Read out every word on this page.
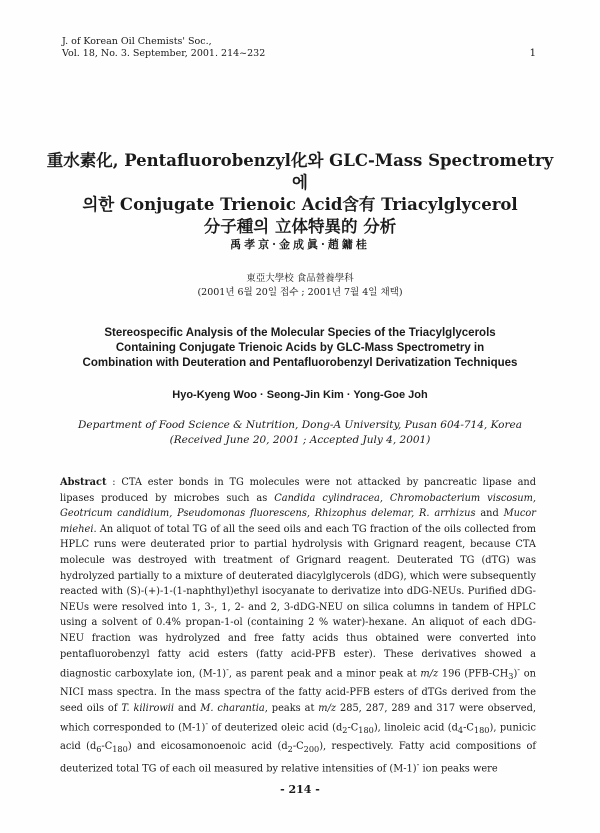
J. of Korean Oil Chemists' Soc.,
Vol. 18, No. 3. September, 2001. 214~232	1
重水素化, Pentafluorobenzyl化와 GLC-Mass Spectrometry에
의한 Conjugate Trienoic Acid含有 Triacylglycerol
分子種의 立体特異的 分析
禹孝京·金成眞·趙鏞桂
東亞大學校 食品營養學科
(2001년 6월 20일 접수 ; 2001년 7월 4일 채택)
Stereospecific Analysis of the Molecular Species of the Triacylglycerols
Containing Conjugate Trienoic Acids by GLC-Mass Spectrometry in
Combination with Deuteration and Pentafluorobenzyl Derivatization Techniques
Hyo-Kyeng Woo · Seong-Jin Kim · Yong-Goe Joh
Department of Food Science & Nutrition, Dong-A University, Pusan 604-714, Korea
(Received June 20, 2001 ; Accepted July 4, 2001)
Abstract : CTA ester bonds in TG molecules were not attacked by pancreatic lipase and lipases produced by microbes such as Candida cylindracea, Chromobacterium viscosum, Geotricum candidium, Pseudomonas fluorescens, Rhizophus delemar, R. arrhizus and Mucor miehei. An aliquot of total TG of all the seed oils and each TG fraction of the oils collected from HPLC runs were deuterated prior to partial hydrolysis with Grignard reagent, because CTA molecule was destroyed with treatment of Grignard reagent. Deuterated TG (dTG) was hydrolyzed partially to a mixture of deuterated diacylglycerols (dDG), which were subsequently reacted with (S)-(+)-1-(1-naphthyl)ethyl isocyanate to derivatize into dDG-NEUs. Purified dDG-NEUs were resolved into 1, 3-, 1, 2- and 2, 3-dDG-NEU on silica columns in tandem of HPLC using a solvent of 0.4% propan-1-ol (containing 2 % water)-hexane. An aliquot of each dDG-NEU fraction was hydrolyzed and free fatty acids thus obtained were converted into pentafluorobenzyl fatty acid esters (fatty acid-PFB ester). These derivatives showed a diagnostic carboxylate ion, (M-1)-, as parent peak and a minor peak at m/z 196 $(PFB-CH_3)^-$ on NICI mass spectra. In the mass spectra of the fatty acid-PFB esters of dTGs derived from the seed oils of T. kilirowii and M. charantia, peaks at m/z 285, 287, 289 and 317 were observed, which corresponded to (M-1)- of deuterized oleic acid $(d_2-C_{180})$, linoleic acid $(d_4-C_{180})$, punicic acid $(d_6-C_{180})$ and eicosamonoenoic acid $(d_2-C_{200})$, respectively. Fatty acid compositions of deuterized total TG of each oil measured by relative intensities of (M-1)- ion peaks were
- 214 -
